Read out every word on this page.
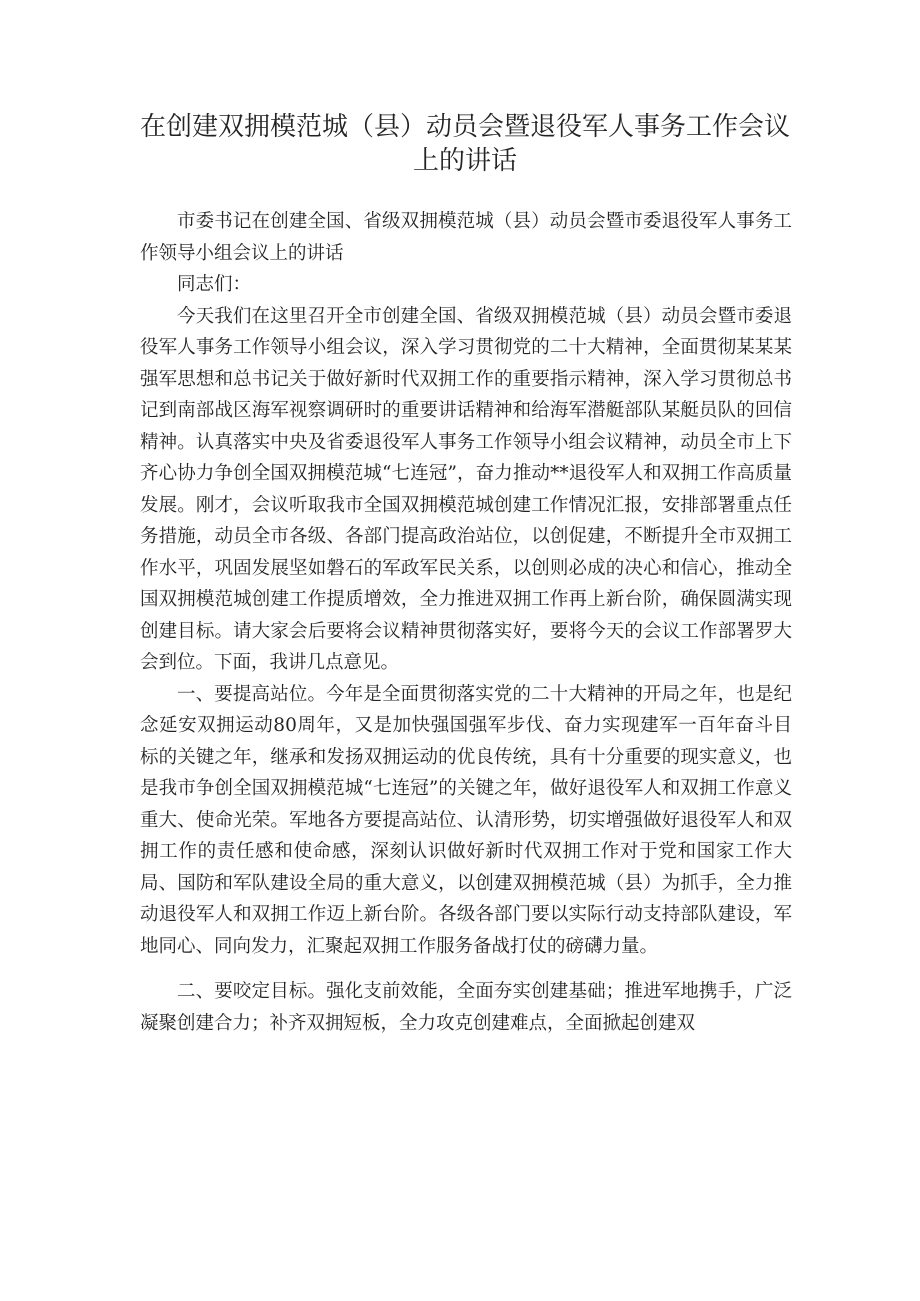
在创建双拥模范城（县）动员会暨退役军人事务工作会议上的讲话

市委书记在创建全国、省级双拥模范城（县）动员会暨市委退役军人事务工作领导小组会议上的讲话

同志们：

今天我们在这里召开全市创建全国、省级双拥模范城（县）动员会暨市委退役军人事务工作领导小组会议，深入学习贯彻党的二十大精神，全面贯彻某某某强军思想和总书记关于做好新时代双拥工作的重要指示精神，深入学习贯彻总书记到南部战区海军视察调研时的重要讲话精神和给海军潜艇部队某艇员队的回信精神。认真落实中央及省委退役军人事务工作领导小组会议精神，动员全市上下齐心协力争创全国双拥模范城“七连冠”，奋力推动**退役军人和双拥工作高质量发展。刚才，会议听取我市全国双拥模范城创建工作情况汇报，安排部署重点任务措施，动员全市各级、各部门提高政治站位，以创促建，不断提升全市双拥工作水平，巩固发展坚如磐石的军政军民关系，以创则必成的决心和信心，推动全国双拥模范城创建工作提质增效，全力推进双拥工作再上新台阶，确保圆满实现创建目标。请大家会后要将会议精神贯彻落实好，要将今天的会议工作部署罗大会到位。下面，我讲几点意见。

一、要提高站位。今年是全面贯彻落实党的二十大精神的开局之年，也是纪念延安双拥运动80周年，又是加快强国强军步伐、奋力实现建军一百年奋斗目标的关键之年，继承和发扬双拥运动的优良传统，具有十分重要的现实意义，也是我市争创全国双拥模范城“七连冠”的关键之年，做好退役军人和双拥工作意义重大、使命光荣。军地各方要提高站位、认清形势，切实增强做好退役军人和双拥工作的责任感和使命感，深刻认识做好新时代双拥工作对于党和国家工作大局、国防和军队建设全局的重大意义，以创建双拥模范城（县）为抓手，全力推动退役军人和双拥工作迈上新台阶。各级各部门要以实际行动支持部队建设，军地同心、同向发力，汇聚起双拥工作服务备战打仗的磅礴力量。

二、要咬定目标。强化支前效能，全面夯实创建基础；推进军地携手，广泛凝聚创建合力；补齐双拥短板，全力攻克创建难点，全面掀起创建双
